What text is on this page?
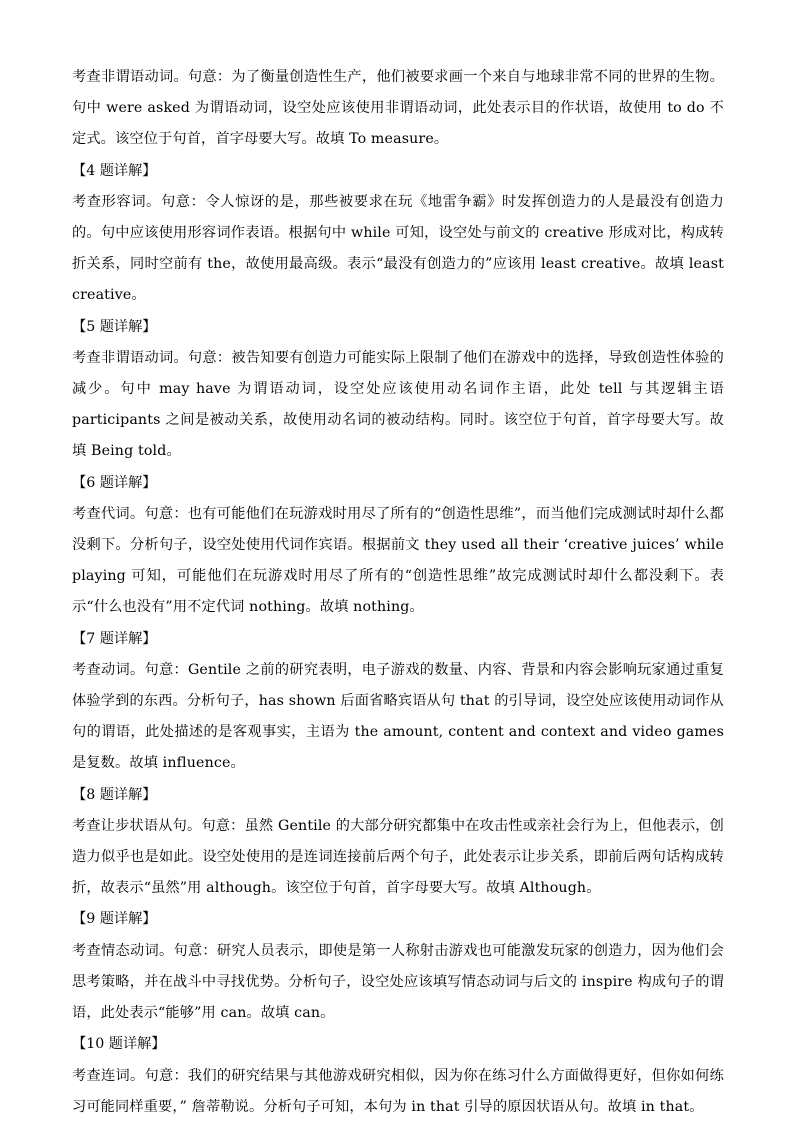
考查非谓语动词。句意：为了衡量创造性生产，他们被要求画一个来自与地球非常不同的世界的生物。句中 were asked 为谓语动词，设空处应该使用非谓语动词，此处表示目的作状语，故使用 to do 不定式。该空位于句首，首字母要大写。故填 To measure。

【4 题详解】

考查形容词。句意：令人惊讶的是，那些被要求在玩《地雷争霸》时发挥创造力的人是最没有创造力的。句中应该使用形容词作表语。根据句中 while 可知，设空处与前文的 creative 形成对比，构成转折关系，同时空前有 the，故使用最高级。表示“最没有创造力的”应该用 least creative。故填 least creative。

【5 题详解】

考查非谓语动词。句意：被告知要有创造力可能实际上限制了他们在游戏中的选择，导致创造性体验的减少。句中 may have 为谓语动词，设空处应该使用动名词作主语，此处 tell 与其逻辑主语 participants 之间是被动关系，故使用动名词的被动结构。同时。该空位于句首，首字母要大写。故填 Being told。

【6 题详解】

考查代词。句意：也有可能他们在玩游戏时用尽了所有的“创造性思维”，而当他们完成测试时却什么都没剩下。分析句子，设空处使用代词作宾语。根据前文 they used all their ‘creative juices’ while playing 可知，可能他们在玩游戏时用尽了所有的“创造性思维”故完成测试时却什么都没剩下。表示“什么也没有”用不定代词 nothing。故填 nothing。

【7 题详解】

考查动词。句意：Gentile 之前的研究表明，电子游戏的数量、内容、背景和内容会影响玩家通过重复体验学到的东西。分析句子，has shown 后面省略宾语从句 that 的引导词，设空处应该使用动词作从句的谓语，此处描述的是客观事实，主语为 the amount, content and context and video games 是复数。故填 influence。

【8 题详解】

考查让步状语从句。句意：虽然 Gentile 的大部分研究都集中在攻击性或亲社会行为上，但他表示，创造力似乎也是如此。设空处使用的是连词连接前后两个句子，此处表示让步关系，即前后两句话构成转折，故表示“虽然”用 although。该空位于句首，首字母要大写。故填 Although。

【9 题详解】

考查情态动词。句意：研究人员表示，即使是第一人称射击游戏也可能激发玩家的创造力，因为他们会思考策略，并在战斗中寻找优势。分析句子，设空处应该填写情态动词与后文的 inspire 构成句子的谓语，此处表示“能够”用 can。故填 can。

【10 题详解】

考查连词。句意：我们的研究结果与其他游戏研究相似，因为你在练习什么方面做得更好，但你如何练习可能同样重要，” 詹蒂勒说。分析句子可知，本句为 in that 引导的原因状语从句。故填 in that。
